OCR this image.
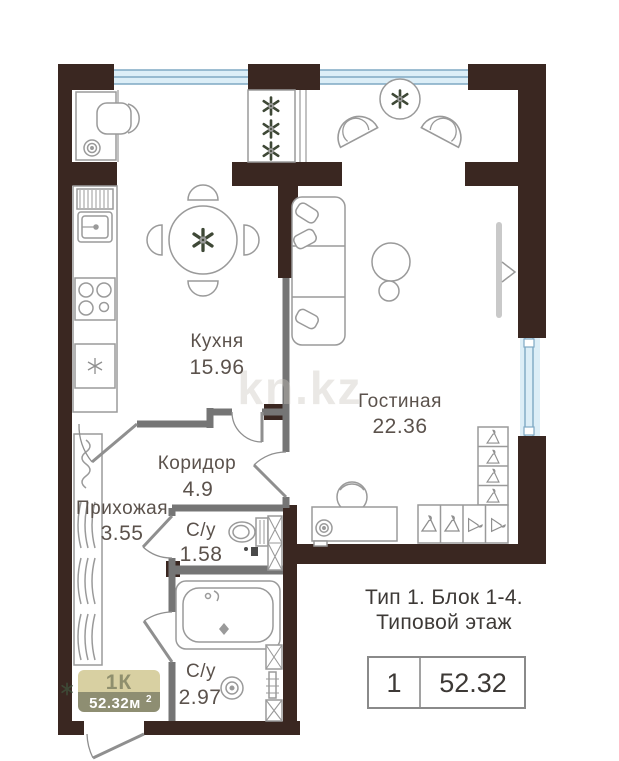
kn.kz
Кухня
15.96
Гостиная
22.36
Коридор
4.9
Прихожая
3.55 С/у
1.58
С/у
2.97
1К
52.32м 2
Тип 1. Блок 1-4.
Типовой этаж
1 52.32
